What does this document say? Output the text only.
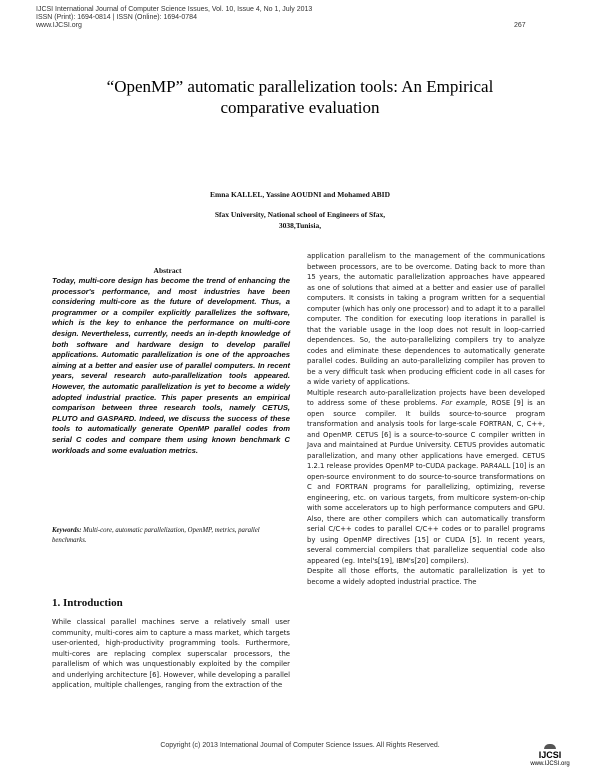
IJCSI International Journal of Computer Science Issues, Vol. 10, Issue 4, No 1, July 2013
ISSN (Print): 1694-0814 | ISSN (Online): 1694-0784
www.IJCSI.org	267
“OpenMP” automatic parallelization tools: An Empirical
comparative evaluation
Emna KALLEL, Yassine AOUDNI and Mohamed ABID
Sfax University, National school of Engineers of Sfax,
3038,Tunisia,
Abstract

Today, multi-core design has become the trend of enhancing the processor's performance, and most industries have been considering multi-core as the future of development. Thus, a programmer or a compiler explicitly parallelizes the software, which is the key to enhance the performance on multi-core design. Nevertheless, currently, needs an in-depth knowledge of both software and hardware design to develop parallel applications. Automatic parallelization is one of the approaches aiming at a better and easier use of parallel computers. In recent years, several research auto-parallelization tools appeared. However, the automatic parallelization is yet to become a widely adopted industrial practice. This paper presents an empirical comparison between three research tools, namely CETUS, PLUTO and GASPARD. Indeed, we discuss the success of these tools to automatically generate OpenMP parallel codes from serial C codes and compare them using known benchmark C workloads and some evaluation metrics.

Keywords: Multi-core, automatic parallelization, OpenMP, metrics, parallel benchmarks.

1. Introduction

While classical parallel machines serve a relatively small user community, multi-cores aim to capture a mass market, which targets user-oriented, high-productivity programming tools. Furthermore, multi-cores are replacing complex superscalar processors, the parallelism of which was unquestionably exploited by the compiler and underlying architecture [6]. However, while developing a parallel application, multiple challenges, ranging from the extraction of the

application parallelism to the management of the communications between processors, are to be overcome. Dating back to more than 15 years, the automatic parallelization approaches have appeared as one of solutions that aimed at a better and easier use of parallel computers. It consists in taking a program written for a sequential computer (which has only one processor) and to adapt it to a parallel computer. The condition for executing loop iterations in parallel is that the variable usage in the loop does not result in loop-carried dependences. So, the auto-parallelizing compilers try to analyze codes and eliminate these dependences to automatically generate parallel codes. Building an auto-parallelizing compiler has proven to be a very difficult task when producing efficient code in all cases for a wide variety of applications.

Multiple research auto-parallelization projects have been developed to address some of these problems. For example, ROSE [9] is an open source compiler. It builds source-to-source program transformation and analysis tools for large-scale FORTRAN, C, C++, and OpenMP. CETUS [6] is a source-to-source C compiler written in Java and maintained at Purdue University. CETUS provides automatic parallelization, and many other applications have emerged. CETUS 1.2.1 release provides OpenMP to-CUDA package. PAR4ALL [10] is an open-source environment to do source-to-source transformations on C and FORTRAN programs for parallelizing, optimizing, reverse engineering, etc. on various targets, from multicore system-on-chip with some accelerators up to high performance computers and GPU. Also, there are other compilers which can automatically transform serial C/C++ codes to parallel C/C++ codes or to parallel programs by using OpenMP directives [15] or CUDA [5]. In recent years, several commercial compilers that parallelize sequential code also appeared (eg. Intel's[19], IBM's[20] compilers).

Despite all those efforts, the automatic parallelization is yet to become a widely adopted industrial practice. The

Copyright (c) 2013 International Journal of Computer Science Issues. All Rights Reserved.
IJCSI
www.IJCSI.org
